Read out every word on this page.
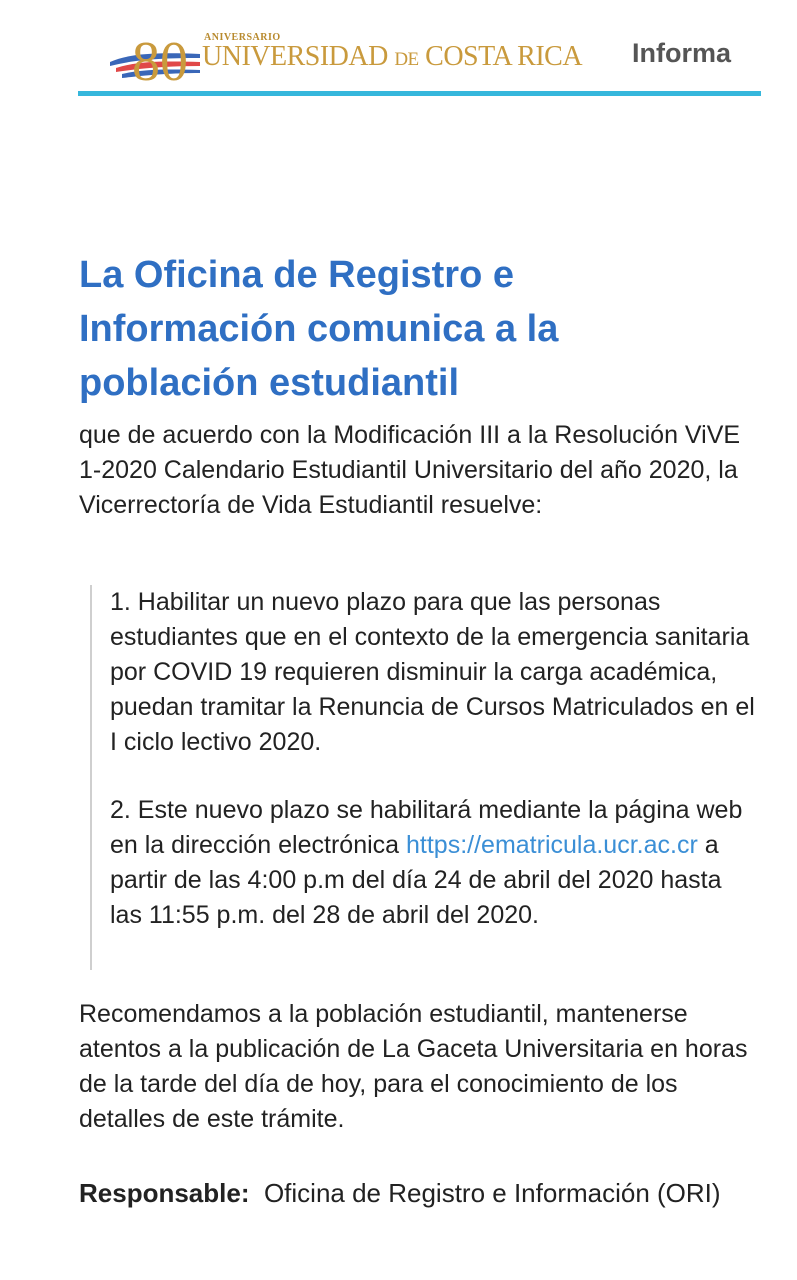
80 ANIVERSARIO
UNIVERSIDAD DE COSTA RICA Informa
La Oficina de Registro e Información comunica a la población estudiantil

que de acuerdo con la Modificación III a la Resolución ViVE 1-2020 Calendario Estudiantil Universitario del año 2020, la Vicerrectoría de Vida Estudiantil resuelve:

1. Habilitar un nuevo plazo para que las personas estudiantes que en el contexto de la emergencia sanitaria por COVID 19 requieren disminuir la carga académica, puedan tramitar la Renuncia de Cursos Matriculados en el I ciclo lectivo 2020.

2. Este nuevo plazo se habilitará mediante la página web en la dirección electrónica https://ematricula.ucr.ac.cr a partir de las 4:00 p.m del día 24 de abril del 2020 hasta las 11:55 p.m. del 28 de abril del 2020.

Recomendamos a la población estudiantil, mantenerse atentos a la publicación de La Gaceta Universitaria en horas de la tarde del día de hoy, para el conocimiento de los detalles de este trámite.

Responsable:  Oficina de Registro e Información (ORI)
